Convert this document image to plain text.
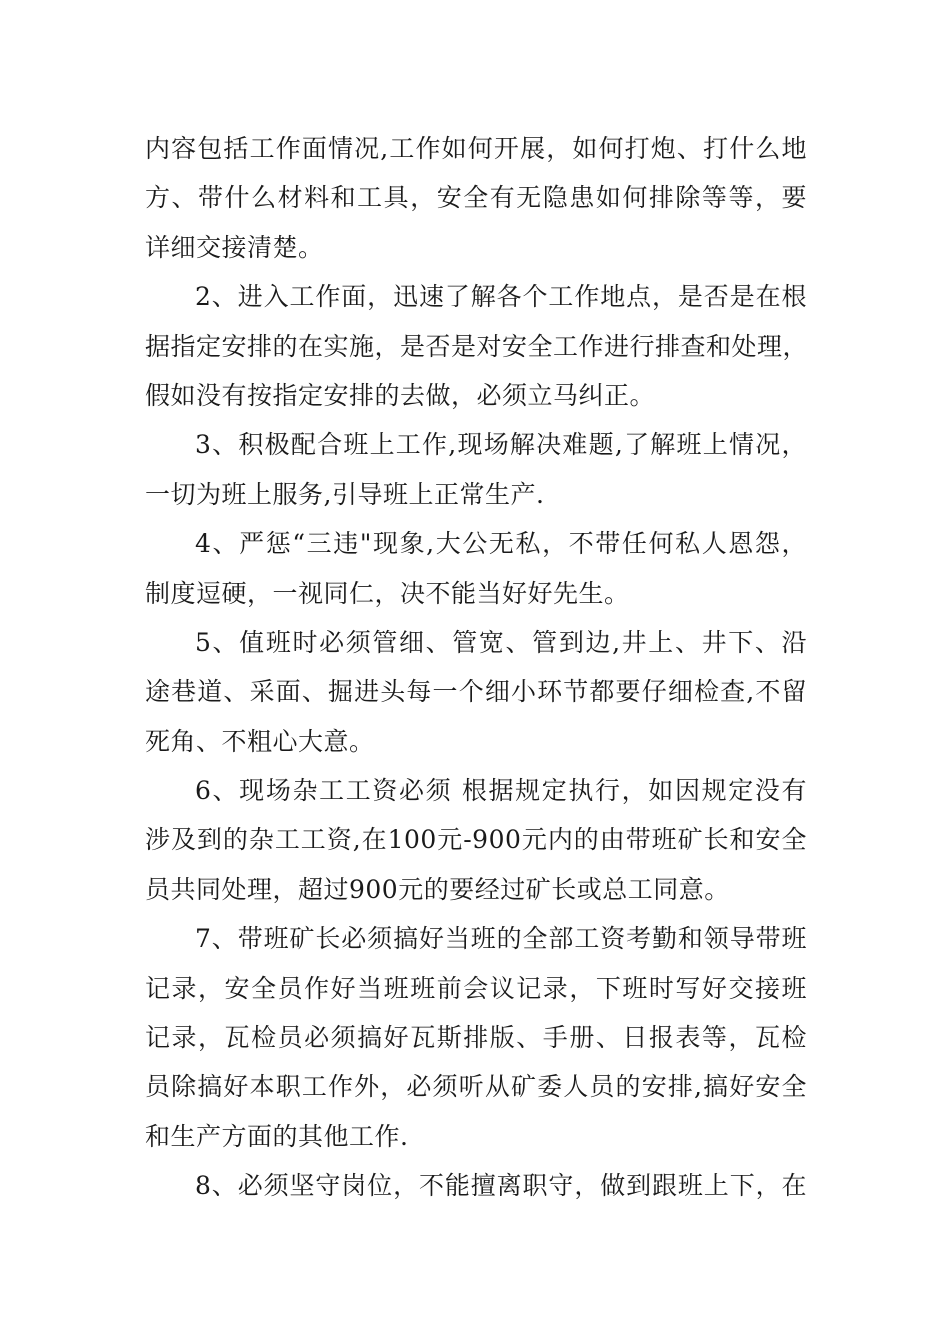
内容包括工作面情况,工作如何开展，如何打炮、打什么地
方、带什么材料和工具，安全有无隐患如何排除等等，要
详细交接清楚。
2、进入工作面，迅速了解各个工作地点，是否是在根
据指定安排的在实施，是否是对安全工作进行排查和处理，
假如没有按指定安排的去做，必须立马纠正。
3、积极配合班上工作,现场解决难题,了解班上情况，
一切为班上服务,引导班上正常生产.
4、严惩“三违"现象,大公无私，不带任何私人恩怨，
制度逗硬，一视同仁，决不能当好好先生。
5、值班时必须管细、管宽、管到边,井上、井下、沿
途巷道、采面、掘进头每一个细小环节都要仔细检查,不留
死角、不粗心大意。
6、现场杂工工资必须 根据规定执行，如因规定没有
涉及到的杂工工资,在100元-900元内的由带班矿长和安全
员共同处理，超过900元的要经过矿长或总工同意。
7、带班矿长必须搞好当班的全部工资考勤和领导带班
记录，安全员作好当班班前会议记录，下班时写好交接班
记录，瓦检员必须搞好瓦斯排版、手册、日报表等，瓦检
员除搞好本职工作外，必须听从矿委人员的安排,搞好安全
和生产方面的其他工作.
8、必须坚守岗位，不能擅离职守，做到跟班上下，在
